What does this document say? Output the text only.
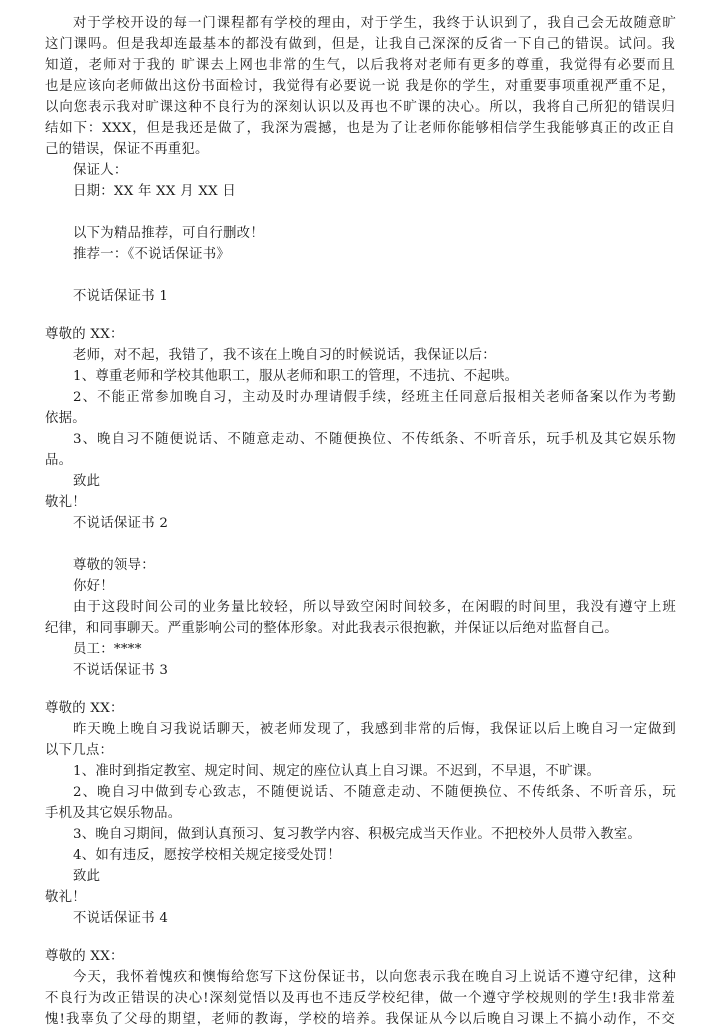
对于学校开设的每一门课程都有学校的理由，对于学生，我终于认识到了，我自己会无故随意旷
这门课吗。但是我却连最基本的都没有做到，但是，让我自己深深的反省一下自己的错误。试问。我
知道，老师对于我的 旷课去上网也非常的生气，以后我将对老师有更多的尊重，我觉得有必要而且
也是应该向老师做出这份书面检讨，我觉得有必要说一说 我是你的学生，对重要事项重视严重不足，
以向您表示我对旷课这种不良行为的深刻认识以及再也不旷课的决心。所以，我将自己所犯的错误归
结如下：XXX，但是我还是做了，我深为震撼，也是为了让老师你能够相信学生我能够真正的改正自
己的错误，保证不再重犯。
保证人：
日期：XX 年 XX 月 XX 日
以下为精品推荐，可自行删改！
推荐一：《不说话保证书》
不说话保证书 1
尊敬的 XX：
老师，对不起，我错了，我不该在上晚自习的时候说话，我保证以后：
1、尊重老师和学校其他职工，服从老师和职工的管理，不违抗、不起哄。
2、不能正常参加晚自习，主动及时办理请假手续，经班主任同意后报相关老师备案以作为考勤
依据。
3、晚自习不随便说话、不随意走动、不随便换位、不传纸条、不听音乐，玩手机及其它娱乐物
品。
致此
敬礼！
不说话保证书 2
尊敬的领导：
你好！
由于这段时间公司的业务量比较轻，所以导致空闲时间较多，在闲暇的时间里，我没有遵守上班
纪律，和同事聊天。严重影响公司的整体形象。对此我表示很抱歉，并保证以后绝对监督自己。
员工：****
不说话保证书 3
尊敬的 XX：
昨天晚上晚自习我说话聊天，被老师发现了，我感到非常的后悔，我保证以后上晚自习一定做到
以下几点：
1、准时到指定教室、规定时间、规定的座位认真上自习课。不迟到，不早退，不旷课。
2、晚自习中做到专心致志，不随便说话、不随意走动、不随便换位、不传纸条、不听音乐，玩
手机及其它娱乐物品。
3、晚自习期间，做到认真预习、复习教学内容、积极完成当天作业。不把校外人员带入教室。
4、如有违反，愿按学校相关规定接受处罚！
致此
敬礼！
不说话保证书 4
尊敬的 XX：
今天，我怀着愧疚和懊悔给您写下这份保证书，以向您表示我在晚自习上说话不遵守纪律，这种
不良行为改正错误的决心!深刻觉悟以及再也不违反学校纪律，做一个遵守学校规则的学生!我非常羞
愧!我辜负了父母的期望，老师的教诲，学校的培养。我保证从今以后晚自习课上不搞小动作，不交
